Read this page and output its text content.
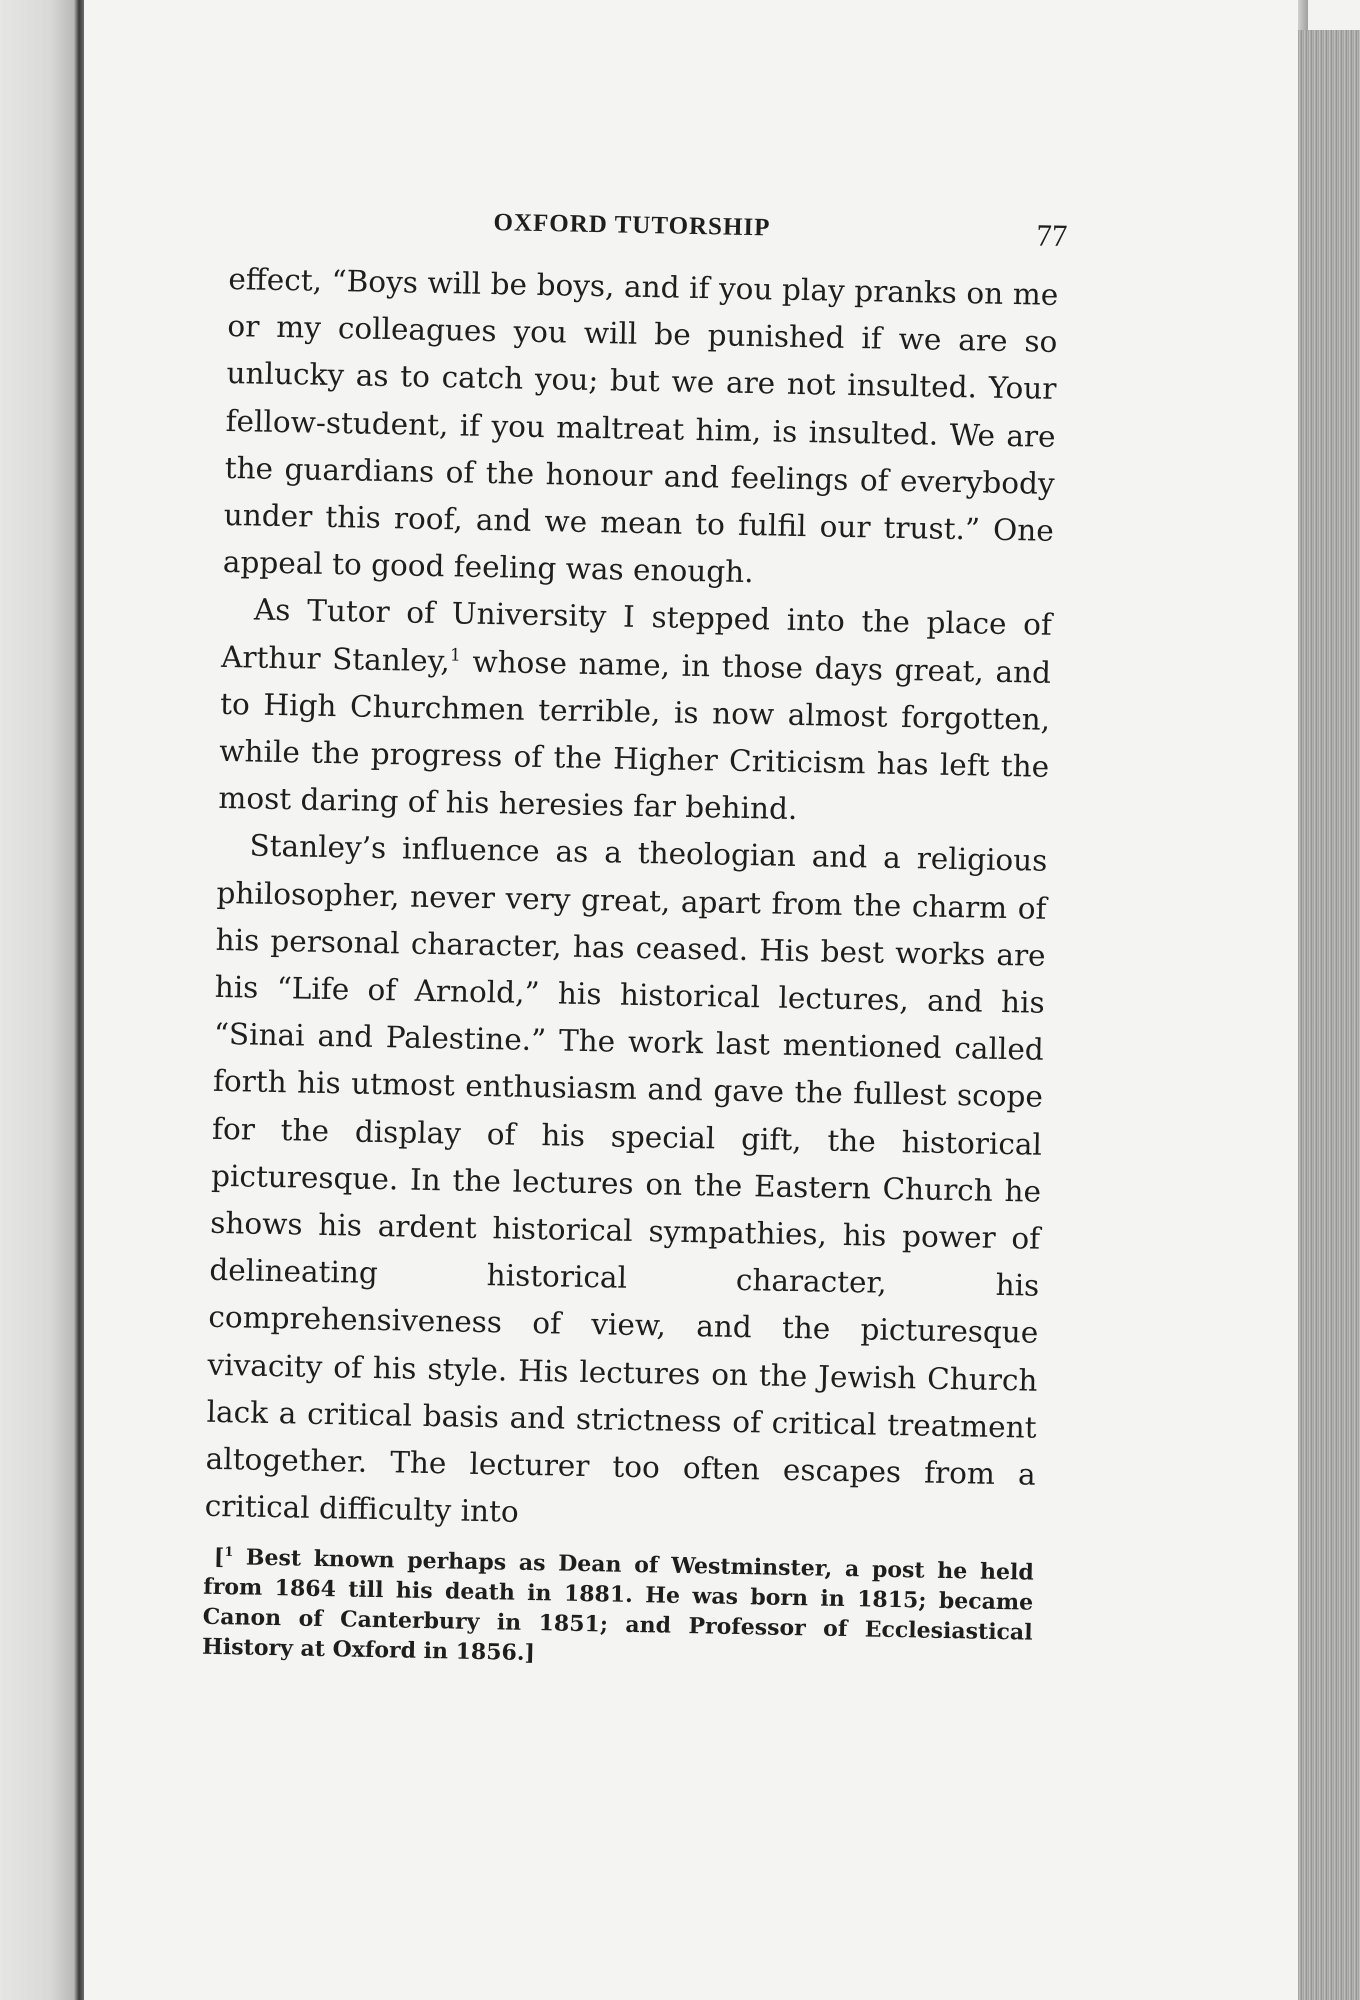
OXFORD TUTORSHIP	77

effect, “Boys will be boys, and if you play pranks on me or my colleagues you will be punished if we are so unlucky as to catch you; but we are not insulted. Your fellow-student, if you maltreat him, is insulted. We are the guardians of the honour and feelings of everybody under this roof, and we mean to fulfil our trust.” One appeal to good feeling was enough.

As Tutor of University I stepped into the place of Arthur Stanley,$^1$ whose name, in those days great, and to High Churchmen terrible, is now almost forgotten, while the progress of the Higher Criticism has left the most daring of his heresies far behind.

Stanley’s influence as a theologian and a religious philosopher, never very great, apart from the charm of his personal character, has ceased. His best works are his “Life of Arnold,” his historical lectures, and his “Sinai and Palestine.” The work last mentioned called forth his utmost enthusiasm and gave the fullest scope for the display of his special gift, the historical picturesque. In the lectures on the Eastern Church he shows his ardent historical sympathies, his power of delineating historical character, his comprehensiveness of view, and the picturesque vivacity of his style. His lectures on the Jewish Church lack a critical basis and strictness of critical treatment altogether. The lecturer too often escapes from a critical difficulty into

[$^1$ Best known perhaps as Dean of Westminster, a post he held from 1864 till his death in 1881. He was born in 1815; became Canon of Canterbury in 1851; and Professor of Ecclesiastical History at Oxford in 1856.]
